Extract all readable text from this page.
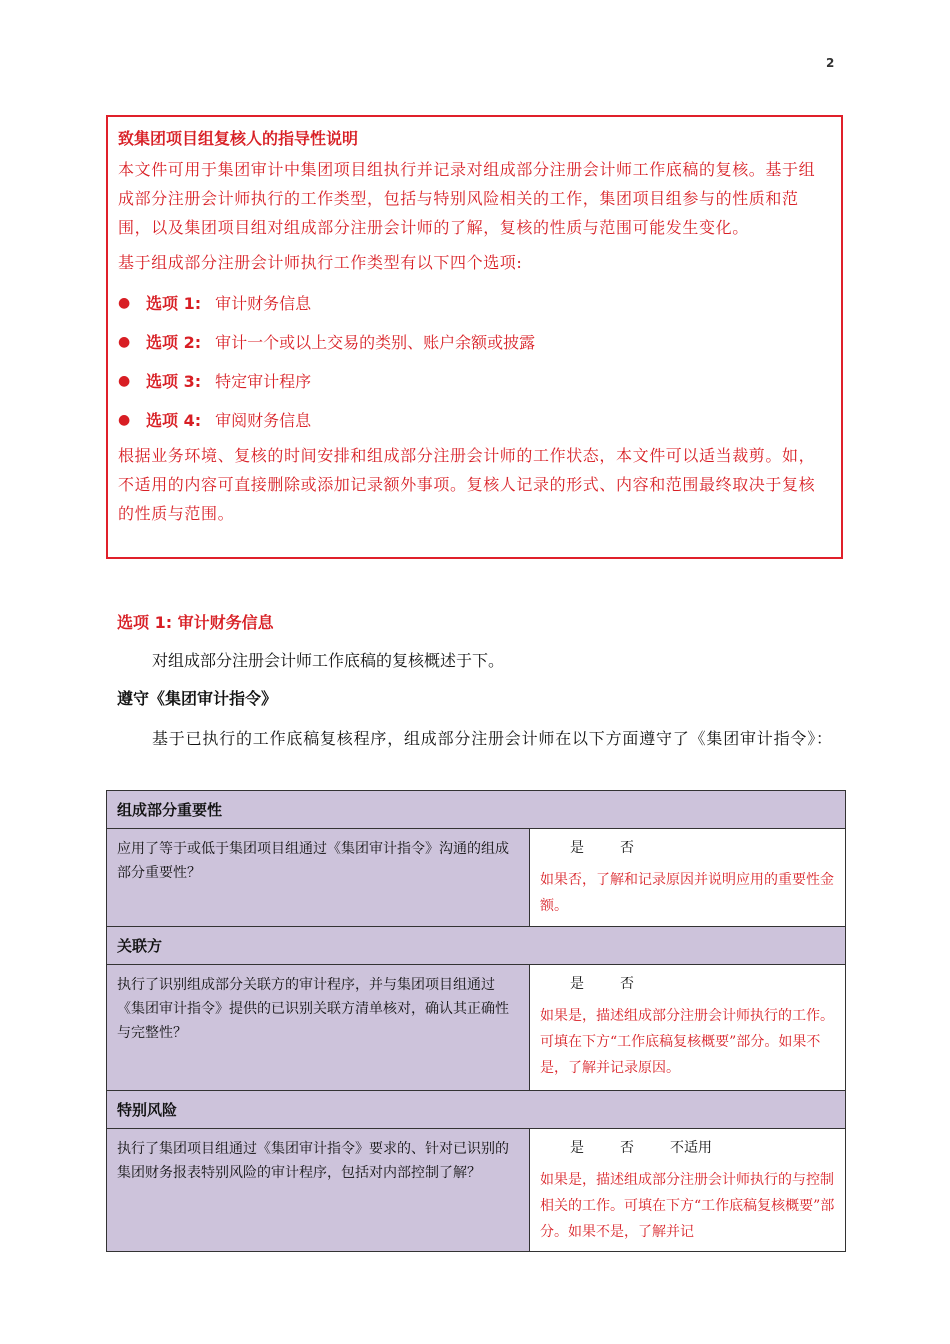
2
致集团项目组复核人的指导性说明

本文件可用于集团审计中集团项目组执行并记录对组成部分注册会计师工作底稿的复核。基于组成部分注册会计师执行的工作类型，包括与特别风险相关的工作，集团项目组参与的性质和范围，以及集团项目组对组成部分注册会计师的了解，复核的性质与范围可能发生变化。

基于组成部分注册会计师执行工作类型有以下四个选项:

● 选项 1: 审计财务信息
● 选项 2: 审计一个或以上交易的类别、账户余额或披露
● 选项 3: 特定审计程序
● 选项 4: 审阅财务信息

根据业务环境、复核的时间安排和组成部分注册会计师的工作状态，本文件可以适当裁剪。如，不适用的内容可直接删除或添加记录额外事项。复核人记录的形式、内容和范围最终取决于复核的性质与范围。

选项 1: 审计财务信息
对组成部分注册会计师工作底稿的复核概述于下。
遵守《集团审计指令》
基于已执行的工作底稿复核程序，组成部分注册会计师在以下方面遵守了《集团审计指令》：
组成部分重要性	
应用了等于或低于集团项目组通过《集团审计指令》沟通的组成部分重要性？	是 否
如果否，了解和记录原因并说明应用的重要性金额。

关联方	
执行了识别组成部分关联方的审计程序，并与集团项目组通过《集团审计指令》提供的已识别关联方清单核对，确认其正确性与完整性？	是 否
如果是，描述组成部分注册会计师执行的工作。可填在下方“工作底稿复核概要”部分。如果不是，了解并记录原因。

特别风险	
执行了集团项目组通过《集团审计指令》要求的、针对已识别的集团财务报表特别风险的审计程序，包括对内部控制了解？	是 否 不适用
如果是，描述组成部分注册会计师执行的与控制相关的工作。可填在下方“工作底稿复核概要”部分。如果不是，了解并记
